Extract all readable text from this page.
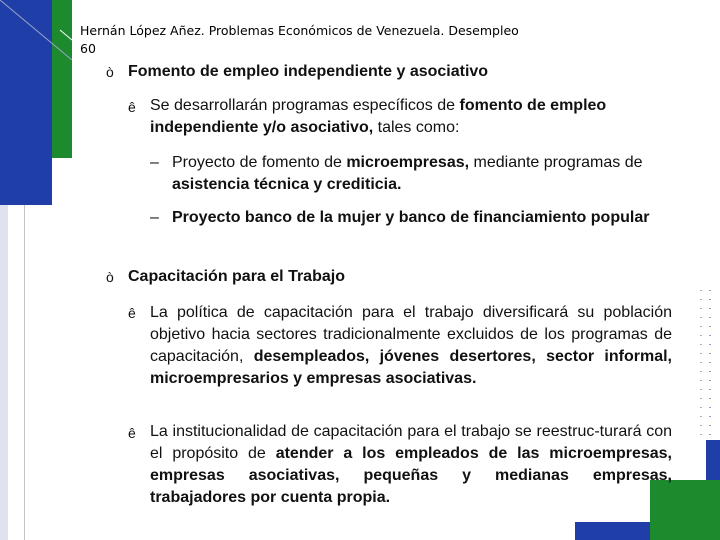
Hernán López Añez. Problemas Económicos de Venezuela. Desempleo
60
ò Fomento de empleo independiente y asociativo
ê Se desarrollarán programas específicos de fomento de empleo independiente y/o asociativo, tales como:
– Proyecto de fomento de microempresas, mediante programas de asistencia técnica y crediticia.
– Proyecto banco de la mujer y banco de financiamiento popular
ò Capacitación para el Trabajo
ê La política de capacitación para el trabajo diversificará su población objetivo hacia sectores tradicionalmente excluidos de los programas de capacitación, desempleados, jóvenes desertores, sector informal, microempresarios y empresas asociativas.
ê La institucionalidad de capacitación para el trabajo se reestruc-turará con el propósito de atender a los empleados de las microempresas, empresas asociativas, pequeñas y medianas empresas, trabajadores por cuenta propia.
